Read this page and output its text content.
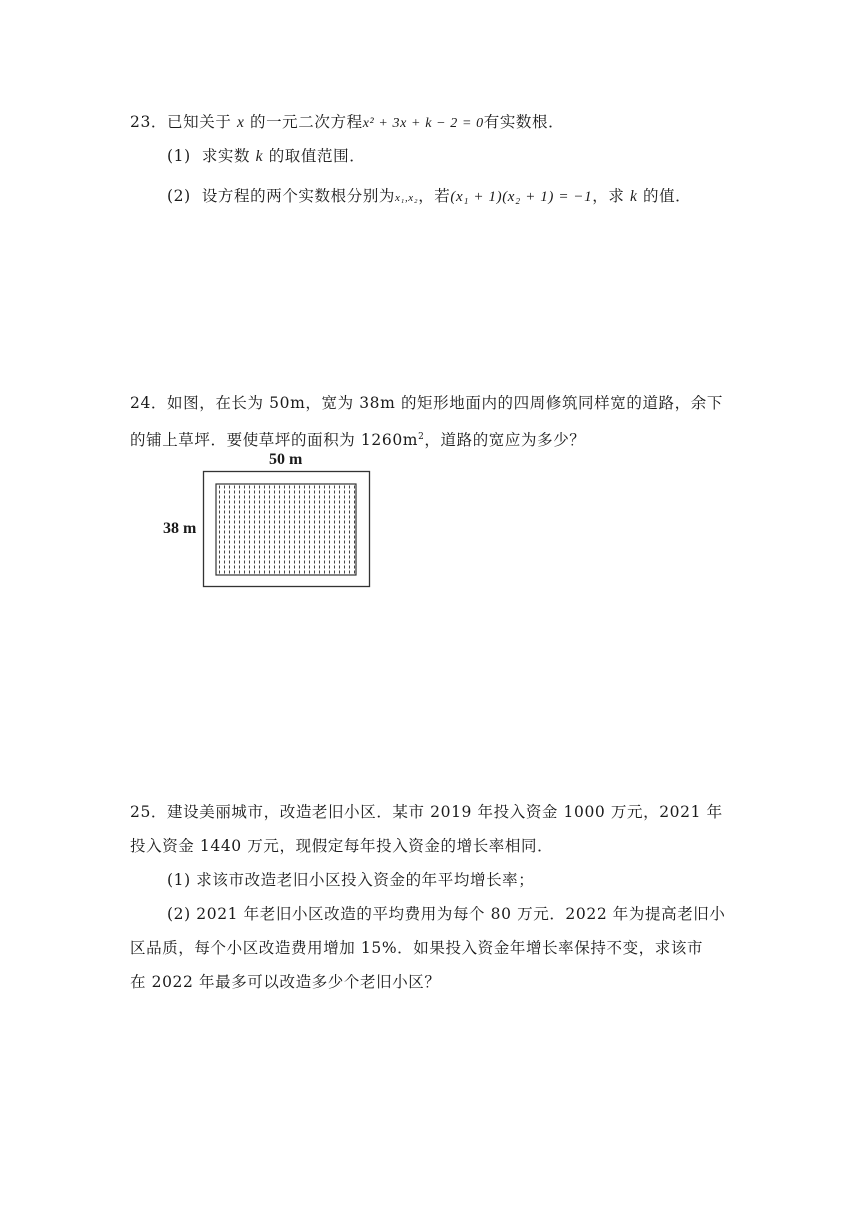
23．已知关于 x 的一元二次方程x² + 3x + k − 2 = 0有实数根．
(1) 求实数 k 的取值范围．
(2) 设方程的两个实数根分别为x₁,x₂，若(x₁ + 1)(x₂ + 1) = −1，求 k 的值．
24．如图，在长为 50m，宽为 38m 的矩形地面内的四周修筑同样宽的道路，余下
的铺上草坪．要使草坪的面积为 $1260m^2$，道路的宽应为多少？
50 m
38 m
25．建设美丽城市，改造老旧小区．某市 2019 年投入资金 1000 万元，2021 年
投入资金 1440 万元，现假定每年投入资金的增长率相同．
(1) 求该市改造老旧小区投入资金的年平均增长率；
(2) 2021 年老旧小区改造的平均费用为每个 80 万元．2022 年为提高老旧小
区品质，每个小区改造费用增加 15%．如果投入资金年增长率保持不变，求该市
在 2022 年最多可以改造多少个老旧小区？
